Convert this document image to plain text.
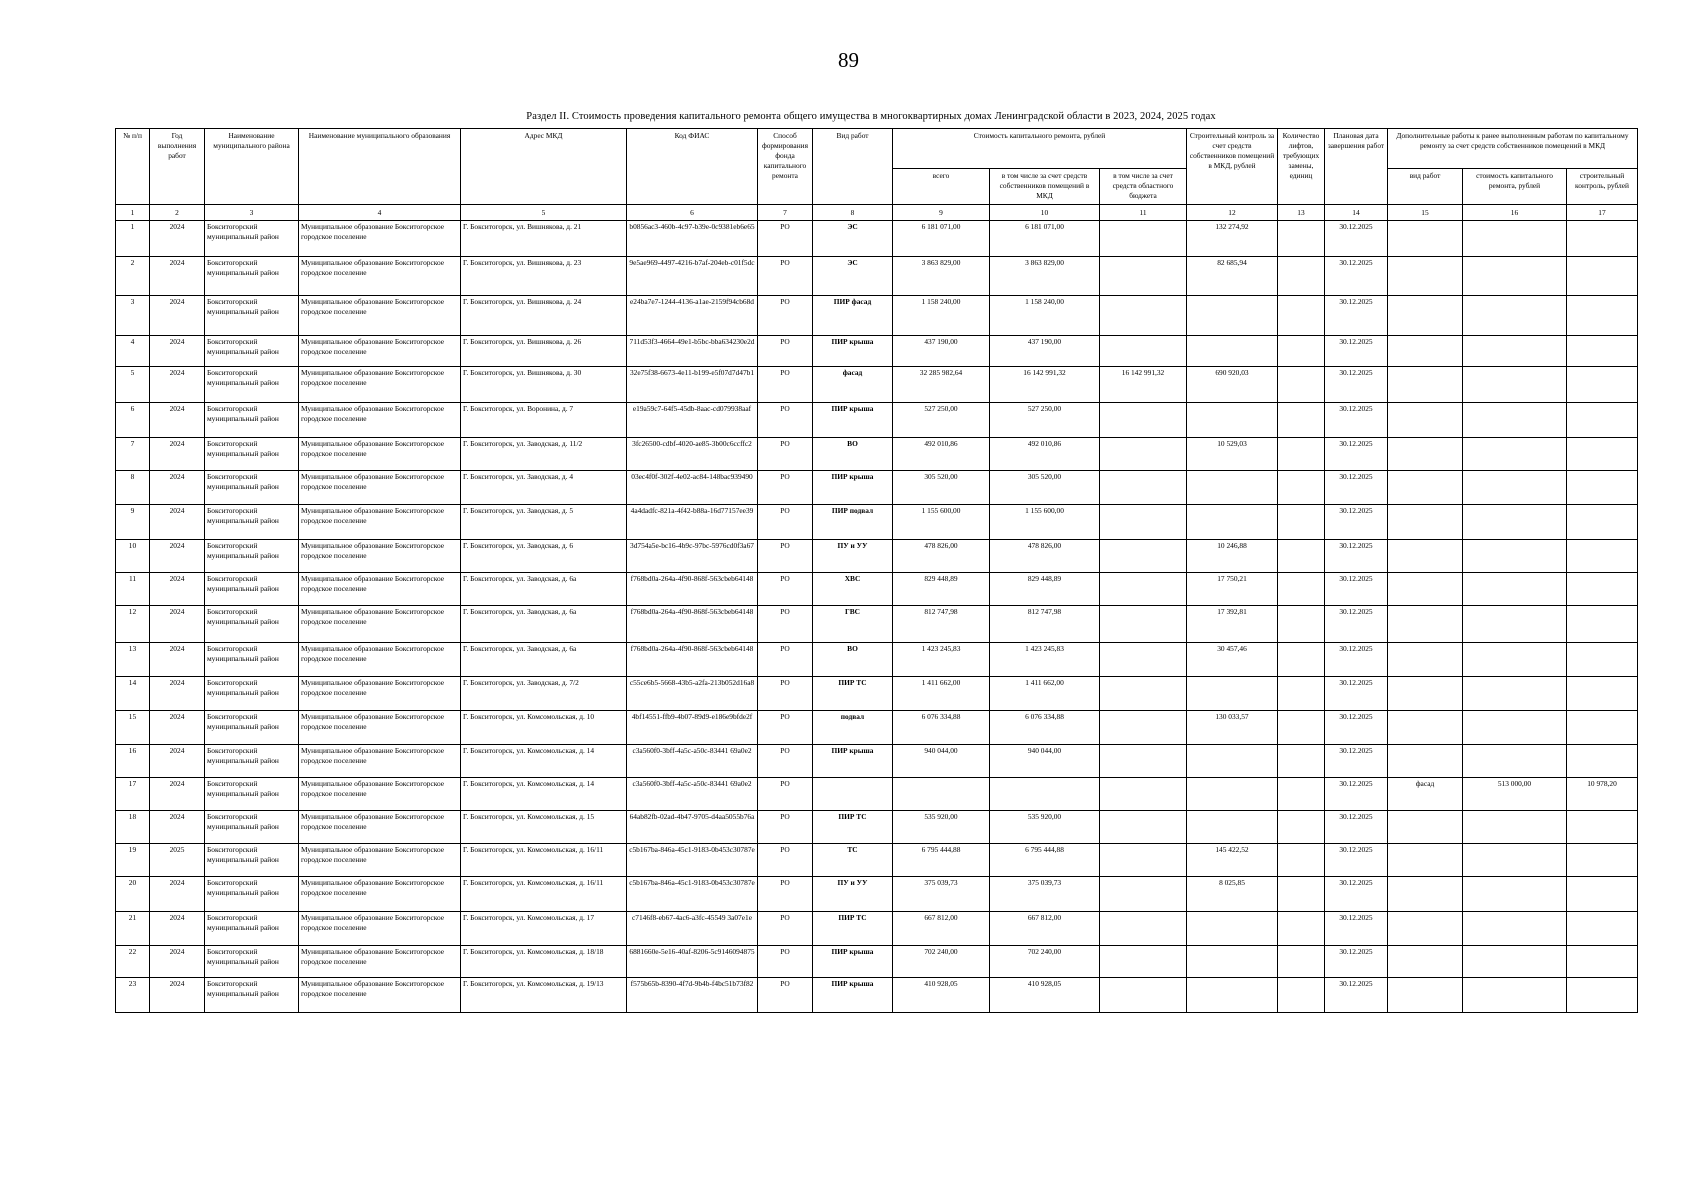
89
Раздел II. Стоимость проведения капитального ремонта общего имущества в многоквартирных домах Ленинградской области в 2023, 2024, 2025 годах
№ п/п	Год выполнения работ	Наименование муниципального района	Наименование муниципального образования	Адрес МКД	Код ФИАС	Способ формирования фонда капитального ремонта	Вид работ	Стоимость капитального ремонта, рублей			Строительный контроль за счет средств собственников помещений в МКД, рублей	Количество лифтов, требующих замены, единиц	Плановая дата завершения работ	Дополнительные работы к ранее выполненным работам по капитальному ремонту за счет средств собственников помещений в МКД		
								всего	в том числе за счет средств собственников помещений в МКД	в том числе за счет средств областного бюджета				вид работ	стоимость капитального ремонта, рублей	строительный контроль, рублей
1	2	3	4	5	6	7	8	9	10	11	12	13	14	15	16	17
1	2024	Бокситогорский муниципальный район	Муниципальное образование Бокситогорское городское поселение	Г. Бокситогорск, ул. Вишнякова, д. 21	b0856ac3-460b-4c97-b39e-0c9381eb6e65	РО	ЭС	6 181 071,00	6 181 071,00		132 274,92		30.12.2025			
2	2024	Бокситогорский муниципальный район	Муниципальное образование Бокситогорское городское поселение	Г. Бокситогорск, ул. Вишнякова, д. 23	9e5ae969-4497-4216-b7af-204eb-c01f5dc	РО	ЭС	3 863 829,00	3 863 829,00		82 685,94		30.12.2025			
3	2024	Бокситогорский муниципальный район	Муниципальное образование Бокситогорское городское поселение	Г. Бокситогорск, ул. Вишнякова, д. 24	e24ba7e7-1244-4136-a1ae-2159f94cb68d	РО	ПИР фасад	1 158 240,00	1 158 240,00				30.12.2025			
4	2024	Бокситогорский муниципальный район	Муниципальное образование Бокситогорское городское поселение	Г. Бокситогорск, ул. Вишнякова, д. 26	711d53f3-4664-49e1-b5bc-bba634230e2d	РО	ПИР крыша	437 190,00	437 190,00				30.12.2025			
5	2024	Бокситогорский муниципальный район	Муниципальное образование Бокситогорское городское поселение	Г. Бокситогорск, ул. Вишнякова, д. 30	32e75f38-6673-4e11-b199-e5f07d7d47b1	РО	фасад	32 285 982,64	16 142 991,32	16 142 991,32	690 920,03		30.12.2025			
6	2024	Бокситогорский муниципальный район	Муниципальное образование Бокситогорское городское поселение	Г. Бокситогорск, ул. Воронина, д. 7	e19a59c7-64f5-45db-8aac-cd079938aaf	РО	ПИР крыша	527 250,00	527 250,00				30.12.2025			
7	2024	Бокситогорский муниципальный район	Муниципальное образование Бокситогорское городское поселение	Г. Бокситогорск, ул. Заводская, д. 11/2	3fc26500-cdbf-4020-ae85-3b00c6ccffc2	РО	ВО	492 010,86	492 010,86		10 529,03		30.12.2025			
8	2024	Бокситогорский муниципальный район	Муниципальное образование Бокситогорское городское поселение	Г. Бокситогорск, ул. Заводская, д. 4	03ec4f0f-302f-4e02-ac84-148bac939490	РО	ПИР крыша	305 520,00	305 520,00				30.12.2025			
9	2024	Бокситогорский муниципальный район	Муниципальное образование Бокситогорское городское поселение	Г. Бокситогорск, ул. Заводская, д. 5	4a4dadfc-821a-4f42-b88a-16d77157ee39	РО	ПИР подвал	1 155 600,00	1 155 600,00				30.12.2025			
10	2024	Бокситогорский муниципальный район	Муниципальное образование Бокситогорское городское поселение	Г. Бокситогорск, ул. Заводская, д. 6	3d754a5e-bc16-4b9c-97bc-5976cd0f3a67	РО	ПУ и УУ	478 826,00	478 826,00		10 246,88		30.12.2025			
11	2024	Бокситогорский муниципальный район	Муниципальное образование Бокситогорское городское поселение	Г. Бокситогорск, ул. Заводская, д. 6а	f768bd0a-264a-4f90-868f-563cbeb64148	РО	ХВС	829 448,89	829 448,89		17 750,21		30.12.2025			
12	2024	Бокситогорский муниципальный район	Муниципальное образование Бокситогорское городское поселение	Г. Бокситогорск, ул. Заводская, д. 6а	f768bd0a-264a-4f90-868f-563cbeb64148	РО	ГВС	812 747,98	812 747,98		17 392,81		30.12.2025			
13	2024	Бокситогорский муниципальный район	Муниципальное образование Бокситогорское городское поселение	Г. Бокситогорск, ул. Заводская, д. 6а	f768bd0a-264a-4f90-868f-563cbeb64148	РО	ВО	1 423 245,83	1 423 245,83		30 457,46		30.12.2025			
14	2024	Бокситогорский муниципальный район	Муниципальное образование Бокситогорское городское поселение	Г. Бокситогорск, ул. Заводская, д. 7/2	c55ce6b5-5668-43b5-a2fa-213b052d16a8	РО	ПИР ТС	1 411 662,00	1 411 662,00				30.12.2025			
15	2024	Бокситогорский муниципальный район	Муниципальное образование Бокситогорское городское поселение	Г. Бокситогорск, ул. Комсомольская, д. 10	4bf14551-ffb9-4b07-89d9-e186e9bfde2f	РО	подвал	6 076 334,88	6 076 334,88		130 033,57		30.12.2025			
16	2024	Бокситогорский муниципальный район	Муниципальное образование Бокситогорское городское поселение	Г. Бокситогорск, ул. Комсомольская, д. 14	c3a560f0-3bff-4a5c-a50c-83441 69a0e2	РО	ПИР крыша	940 044,00	940 044,00				30.12.2025			
17	2024	Бокситогорский муниципальный район	Муниципальное образование Бокситогорское городское поселение	Г. Бокситогорск, ул. Комсомольская, д. 14	c3a560f0-3bff-4a5c-a50c-83441 69a0e2	РО							30.12.2025	фасад	513 000,00	10 978,20
18	2024	Бокситогорский муниципальный район	Муниципальное образование Бокситогорское городское поселение	Г. Бокситогорск, ул. Комсомольская, д. 15	64ab82fb-02ad-4b47-9705-d4aa5055b76a	РО	ПИР ТС	535 920,00	535 920,00				30.12.2025			
19	2025	Бокситогорский муниципальный район	Муниципальное образование Бокситогорское городское поселение	Г. Бокситогорск, ул. Комсомольская, д. 16/11	c5b167ba-846a-45c1-9183-0b453c30787e	РО	ТС	6 795 444,88	6 795 444,88		145 422,52		30.12.2025			
20	2024	Бокситогорский муниципальный район	Муниципальное образование Бокситогорское городское поселение	Г. Бокситогорск, ул. Комсомольская, д. 16/11	c5b167ba-846a-45c1-9183-0b453c30787e	РО	ПУ и УУ	375 039,73	375 039,73		8 025,85		30.12.2025			
21	2024	Бокситогорский муниципальный район	Муниципальное образование Бокситогорское городское поселение	Г. Бокситогорск, ул. Комсомольская, д. 17	c7146f8-eb67-4ac6-a3fc-45549 3a07e1e	РО	ПИР ТС	667 812,00	667 812,00				30.12.2025			
22	2024	Бокситогорский муниципальный район	Муниципальное образование Бокситогорское городское поселение	Г. Бокситогорск, ул. Комсомольская, д. 18/18	6881660e-5e16-40af-8206-5c9146094875	РО	ПИР крыша	702 240,00	702 240,00				30.12.2025			
23	2024	Бокситогорский муниципальный район	Муниципальное образование Бокситогорское городское поселение	Г. Бокситогорск, ул. Комсомольская, д. 19/13	f575b65b-8390-4f7d-9b4b-f4bc51b73f82	РО	ПИР крыша	410 928,05	410 928,05				30.12.2025			
